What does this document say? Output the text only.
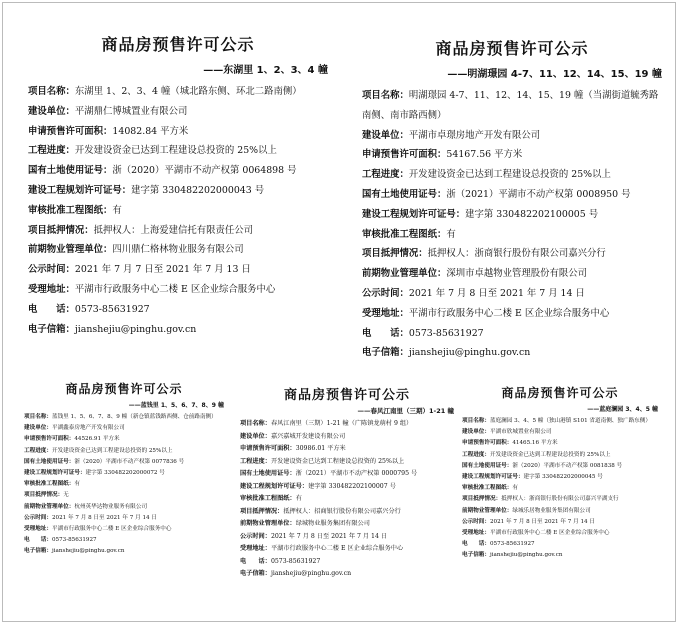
商品房预售许可公示
——东湖里 1、2、3、4 幢
项目名称：东湖里 1、2、3、4 幢（城北路东侧、环北二路南侧）
建设单位：平湖鼎仁博城置业有限公司
申请预售许可面积：14082.84 平方米
工程进度：开发建设资金已达到工程建设总投资的 25%以上
国有土地使用证号：浙（2020）平湖市不动产权第 0064898 号
建设工程规划许可证号：建字第 330482202000043 号
审核批准工程图纸：有
项目抵押情况：抵押权人：上海爱建信托有限责任公司
前期物业管理单位：四川鼎仁格林物业服务有限公司
公示时间：2021 年 7 月 7 日至 2021 年 7 月 13 日
受理地址：平湖市行政服务中心二楼 E 区企业综合服务中心
电　　话：0573-85631927
电子信箱：jianshejiu@pinghu.gov.cn
商品房预售许可公示
——明湖璟园 4-7、11、12、14、15、19 幢
项目名称：明湖璟园 4-7、11、12、14、15、19 幢（当湖街道毓秀路南侧、南市路西侧）
建设单位：平湖市卓璟房地产开发有限公司
申请预售许可面积：54167.56 平方米
工程进度：开发建设资金已达到工程建设总投资的 25%以上
国有土地使用证号：浙（2021）平湖市不动产权第 0008950 号
建设工程规划许可证号：建字第 330482202100005 号
审核批准工程图纸：有
项目抵押情况：抵押权人：浙商银行股份有限公司嘉兴分行
前期物业管理单位：深圳市卓越物业管理股份有限公司
公示时间：2021 年 7 月 8 日至 2021 年 7 月 14 日
受理地址：平湖市行政服务中心二楼 E 区企业综合服务中心
电　　话：0573-85631927
电子信箱：jianshejiu@pinghu.gov.cn
商品房预售许可公示
——蓝钱里 1、5、6、7、8、9 幢
项目名称：蓝钱里 1、5、6、7、8、9 幢（新仓镇蓝钱路西侧、仓前路南侧）
建设单位：平湖鑫泰房地产开发有限公司
申请预售许可面积：44526.91 平方米
工程进度：开发建设资金已达到工程建设总投资的 25%以上
国有土地使用证号：浙（2020）平湖市不动产权第 0077836 号
建设工程规划许可证号：建字第 330482202000072 号
审核批准工程图纸：有
项目抵押情况：无
前期物业管理单位：杭州英华达物业服务有限公司
公示时间：2021 年 7 月 8 日至 2021 年 7 月 14 日
受理地址：平湖市行政服务中心二楼 E 区企业综合服务中心
电　　话：0573-85631927
电子信箱：jianshejiu@pinghu.gov.cn
商品房预售许可公示
——春风江南里（三期）1-21 幢
项目名称：春风江南里（三期）1-21 幢（广陈镇龙萌村 9 组）
建设单位：嘉兴嘉城开发建设有限公司
申请预售许可面积：30986.01 平方米
工程进度：开发建设资金已达到工程建设总投资的 25%以上
国有土地使用证号：浙（2021）平湖市不动产权第 0000795 号
建设工程规划许可证号：建字第 330482202100007 号
审核批准工程图纸：有
项目抵押情况：抵押权人：招商银行股份有限公司嘉兴分行
前期物业管理单位：绿城物业服务集团有限公司
公示时间：2021 年 7 月 8 日至 2021 年 7 月 14 日
受理地址：平湖市行政服务中心二楼 E 区企业综合服务中心
电　　话：0573-85631927
电子信箱：jianshejiu@pinghu.gov.cn
商品房预售许可公示
——蓝庭澜园 3、4、5 幢
项目名称：蓝庭澜园 3、4、5 幢（独山港镇 S101 省道南侧、独广路东侧）
建设单位：平湖市欣城置业有限公司
申请预售许可面积：41465.16 平方米
工程进度：开发建设资金已达到工程建设总投资的 25%以上
国有土地使用证号：浙（2020）平湖市不动产权第 0081838 号
建设工程规划许可证号：建字第 330482202000045 号
审核批准工程图纸：有
项目抵押情况：抵押权人：浙商银行股份有限公司嘉兴平湖支行
前期物业管理单位：绿城乐居物业服务集团有限公司
公示时间：2021 年 7 月 8 日至 2021 年 7 月 14 日
受理地址：平湖市行政服务中心二楼 E 区企业综合服务中心
电　　话：0573-85631927
电子信箱：jianshejiu@pinghu.gov.cn
